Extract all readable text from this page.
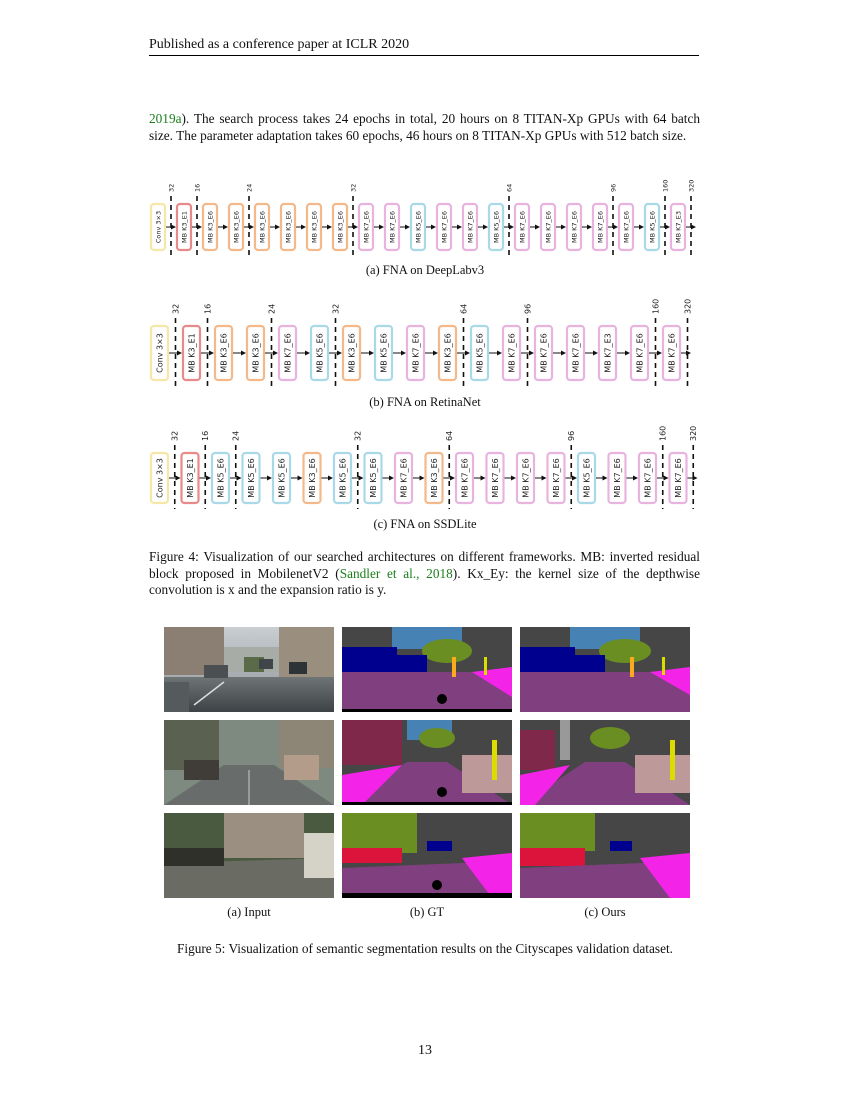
Published as a conference paper at ICLR 2020
2019a). The search process takes 24 epochs in total, 20 hours on 8 TITAN-Xp GPUs with 64 batch size. The parameter adaptation takes 60 epochs, 46 hours on 8 TITAN-Xp GPUs with 512 batch size.
Conv 3×3	MB K3_E1	MB K3_E6	MB K3_E6	MB K3_E6	MB K3_E6	MB K3_E6	MB K3_E6	MB K7_E6	MB K7_E6	MB K5_E6	MB K7_E6	MB K7_E6	MB K5_E6	MB K7_E6	MB K7_E6	MB K7_E6	MB K7_E6	MB K7_E6	MB K5_E6	MB K7_E3
32	16	24	32	64	96	160	320
(a) FNA on DeepLabv3
Conv 3×3	MB K3_E1	MB K3_E6	MB K3_E6	MB K7_E6	MB K5_E6	MB K3_E6	MB K5_E6	MB K7_E6	MB K3_E6	MB K5_E6	MB K7_E6	MB K7_E6	MB K7_E6	MB K7_E3	MB K7_E6	MB K7_E6
32	16	24	32	64	96	160	320
(b) FNA on RetinaNet
Conv 3×3	MB K3_E1	MB K5_E6	MB K5_E6	MB K5_E6	MB K3_E6	MB K5_E6	MB K5_E6	MB K7_E6	MB K3_E6	MB K7_E6	MB K7_E6	MB K7_E6	MB K7_E6	MB K5_E6	MB K7_E6	MB K7_E6	MB K7_E6
32	16	24	32	64	96	160	320
(c) FNA on SSDLite
Figure 4: Visualization of our searched architectures on different frameworks. MB: inverted residual block proposed in MobilenetV2 (Sandler et al., 2018). Kx_Ey: the kernel size of the depthwise convolution is x and the expansion ratio is y.
(a) Input	(b) GT	(c) Ours
Figure 5: Visualization of semantic segmentation results on the Cityscapes validation dataset.
13
